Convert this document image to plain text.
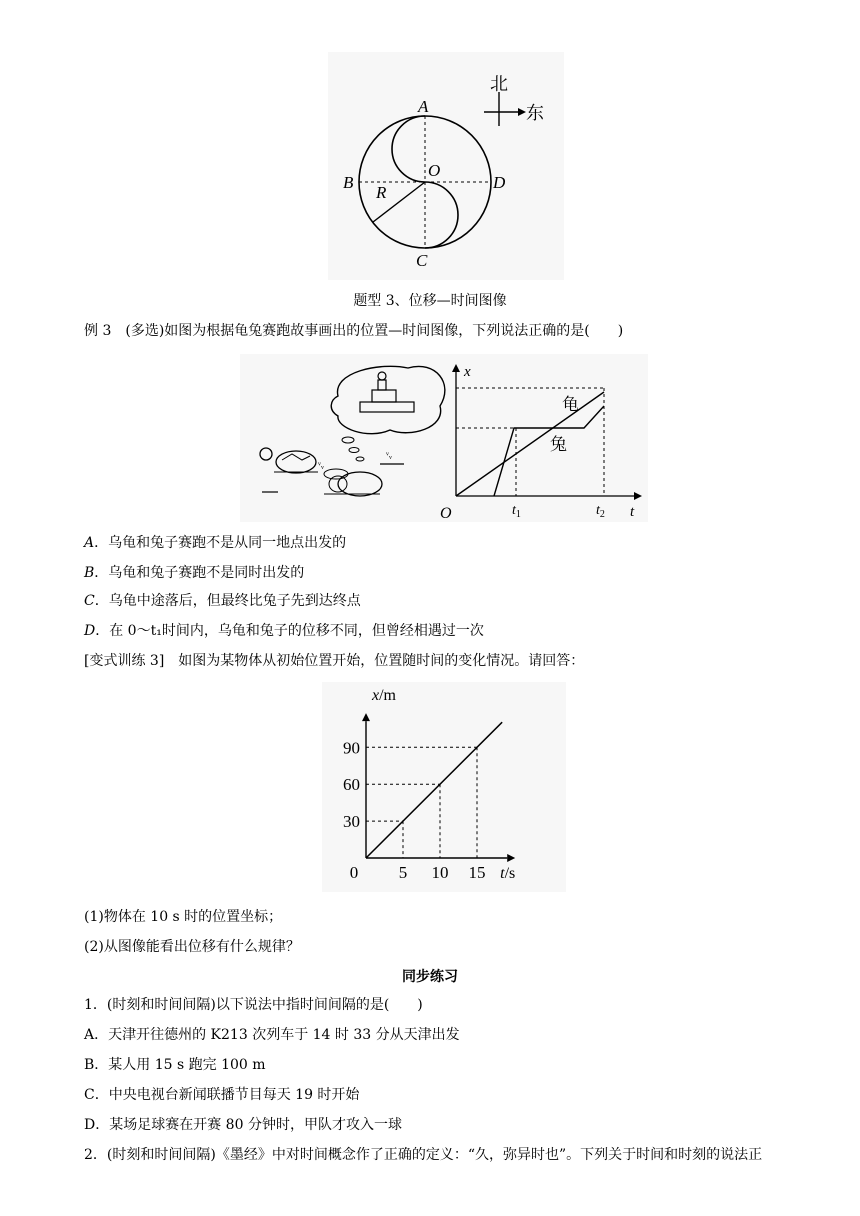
A
B
C
D
O
R
北
东
题型 3、位移—时间图像
例 3　(多选)如图为根据龟兔赛跑故事画出的位置—时间图像，下列说法正确的是(　　)
ᵛᵥ
ᵛᵥ
x
t
O	$t_1$	$t_2$
龟
兔
A．乌龟和兔子赛跑不是从同一地点出发的
B．乌龟和兔子赛跑不是同时出发的
C．乌龟中途落后，但最终比兔子先到达终点
D．在 0～t₁时间内，乌龟和兔子的位移不同，但曾经相遇过一次
[变式训练 3]　如图为某物体从初始位置开始，位置随时间的变化情况。请回答：
0 5 10 15
30
60
90
x/m
t/s
(1)物体在 10 s 时的位置坐标；
(2)从图像能看出位移有什么规律？
同步练习
1．(时刻和时间间隔)以下说法中指时间间隔的是(　　)
A．天津开往德州的 K213 次列车于 14 时 33 分从天津出发
B．某人用 15 s 跑完 100 m
C．中央电视台新闻联播节目每天 19 时开始
D．某场足球赛在开赛 80 分钟时，甲队才攻入一球
2．(时刻和时间间隔)《墨经》中对时间概念作了正确的定义：“久，弥异时也”。下列关于时间和时刻的说法正
